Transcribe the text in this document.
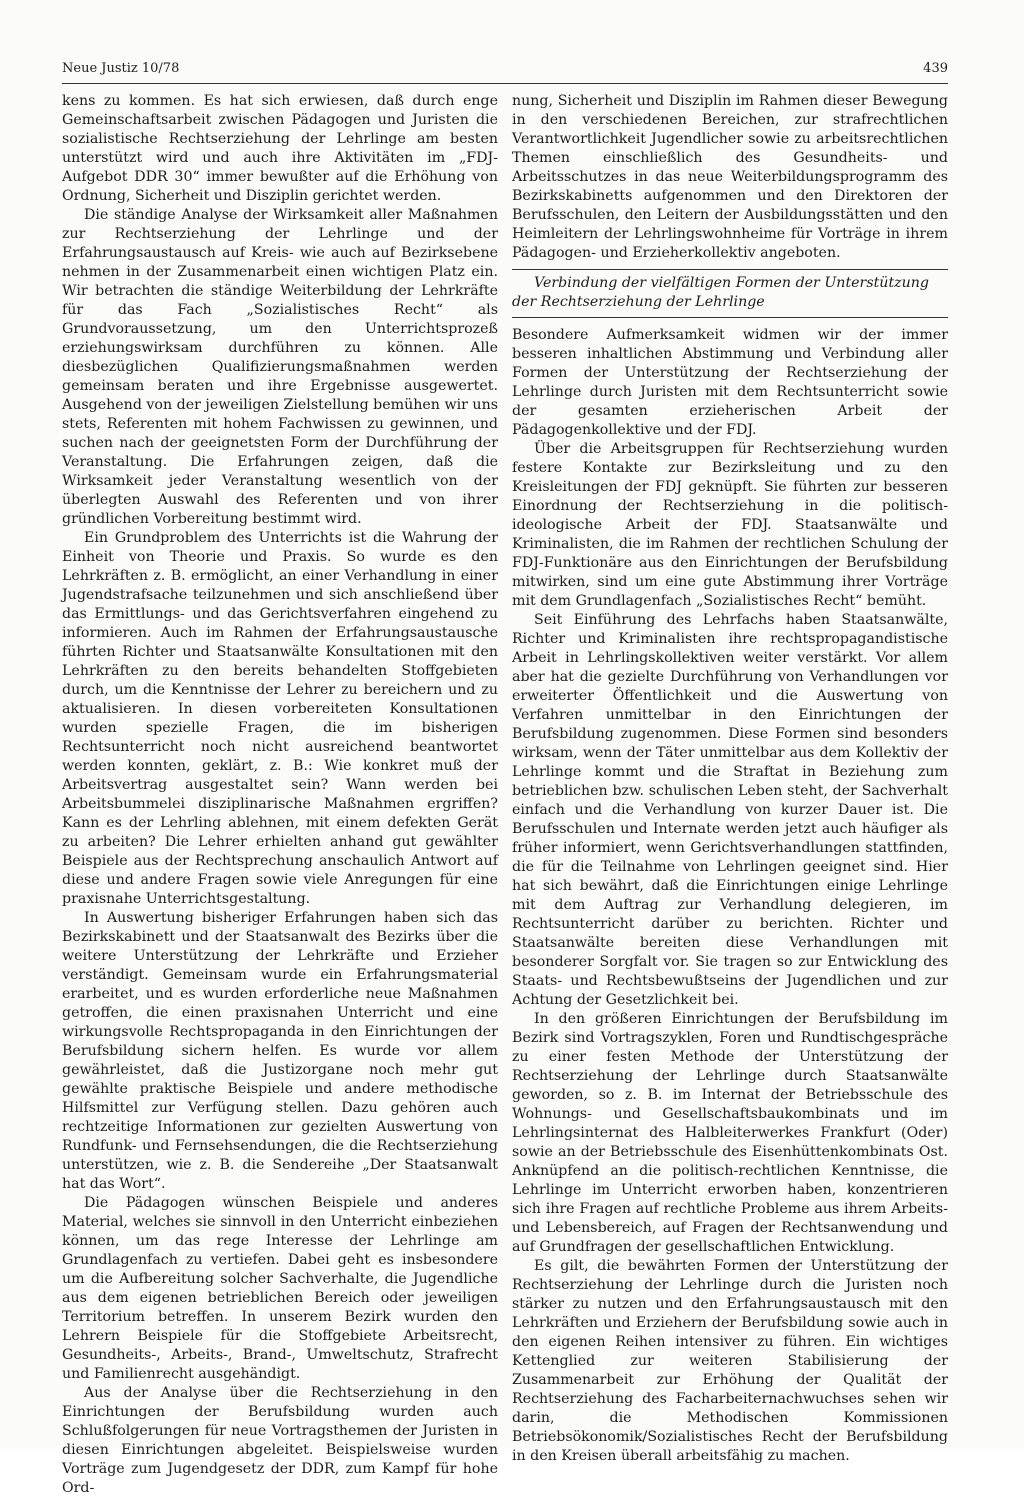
Neue Justiz 10/78	439

kens zu kommen. Es hat sich erwiesen, daß durch enge Gemeinschaftsarbeit zwischen Pädagogen und Juristen die sozialistische Rechtserziehung der Lehrlinge am besten unterstützt wird und auch ihre Aktivitäten im „FDJ-Aufgebot DDR 30“ immer bewußter auf die Erhöhung von Ordnung, Sicherheit und Disziplin gerichtet werden.

Die ständige Analyse der Wirksamkeit aller Maßnahmen zur Rechtserziehung der Lehrlinge und der Erfahrungsaustausch auf Kreis- wie auch auf Bezirksebene nehmen in der Zusammenarbeit einen wichtigen Platz ein. Wir betrachten die ständige Weiterbildung der Lehrkräfte für das Fach „Sozialistisches Recht“ als Grundvoraussetzung, um den Unterrichtsprozeß erziehungswirksam durchführen zu können. Alle diesbezüglichen Qualifizierungsmaßnahmen werden gemeinsam beraten und ihre Ergebnisse ausgewertet. Ausgehend von der jeweiligen Zielstellung bemühen wir uns stets, Referenten mit hohem Fachwissen zu gewinnen, und suchen nach der geeignetsten Form der Durchführung der Veranstaltung. Die Erfahrungen zeigen, daß die Wirksamkeit jeder Veranstaltung wesentlich von der überlegten Auswahl des Referenten und von ihrer gründlichen Vorbereitung bestimmt wird.

Ein Grundproblem des Unterrichts ist die Wahrung der Einheit von Theorie und Praxis. So wurde es den Lehrkräften z. B. ermöglicht, an einer Verhandlung in einer Jugendstrafsache teilzunehmen und sich anschließend über das Ermittlungs- und das Gerichtsverfahren eingehend zu informieren. Auch im Rahmen der Erfahrungsaustausche führten Richter und Staatsanwälte Konsultationen mit den Lehrkräften zu den bereits behandelten Stoffgebieten durch, um die Kenntnisse der Lehrer zu bereichern und zu aktualisieren. In diesen vorbereiteten Konsultationen wurden spezielle Fragen, die im bisherigen Rechtsunterricht noch nicht ausreichend beantwortet werden konnten, geklärt, z. B.: Wie konkret muß der Arbeitsvertrag ausgestaltet sein? Wann werden bei Arbeitsbummelei disziplinarische Maßnahmen ergriffen? Kann es der Lehrling ablehnen, mit einem defekten Gerät zu arbeiten? Die Lehrer erhielten anhand gut gewählter Beispiele aus der Rechtsprechung anschaulich Antwort auf diese und andere Fragen sowie viele Anregungen für eine praxisnahe Unterrichtsgestaltung.

In Auswertung bisheriger Erfahrungen haben sich das Bezirkskabinett und der Staatsanwalt des Bezirks über die weitere Unterstützung der Lehrkräfte und Erzieher verständigt. Gemeinsam wurde ein Erfahrungsmaterial erarbeitet, und es wurden erforderliche neue Maßnahmen getroffen, die einen praxisnahen Unterricht und eine wirkungsvolle Rechtspropaganda in den Einrichtungen der Berufsbildung sichern helfen. Es wurde vor allem gewährleistet, daß die Justizorgane noch mehr gut gewählte praktische Beispiele und andere methodische Hilfsmittel zur Verfügung stellen. Dazu gehören auch rechtzeitige Informationen zur gezielten Auswertung von Rundfunk- und Fernsehsendungen, die die Rechtserziehung unterstützen, wie z. B. die Sendereihe „Der Staatsanwalt hat das Wort“.

Die Pädagogen wünschen Beispiele und anderes Material, welches sie sinnvoll in den Unterricht einbeziehen können, um das rege Interesse der Lehrlinge am Grundlagenfach zu vertiefen. Dabei geht es insbesondere um die Aufbereitung solcher Sachverhalte, die Jugendliche aus dem eigenen betrieblichen Bereich oder jeweiligen Territorium betreffen. In unserem Bezirk wurden den Lehrern Beispiele für die Stoffgebiete Arbeitsrecht, Gesundheits-, Arbeits-, Brand-, Umweltschutz, Strafrecht und Familienrecht ausgehändigt.

Aus der Analyse über die Rechtserziehung in den Einrichtungen der Berufsbildung wurden auch Schlußfolgerungen für neue Vortragsthemen der Juristen in diesen Einrichtungen abgeleitet. Beispielsweise wurden Vorträge zum Jugendgesetz der DDR, zum Kampf für hohe Ord-

nung, Sicherheit und Disziplin im Rahmen dieser Bewegung in den verschiedenen Bereichen, zur strafrechtlichen Verantwortlichkeit Jugendlicher sowie zu arbeitsrechtlichen Themen einschließlich des Gesundheits- und Arbeitsschutzes in das neue Weiterbildungsprogramm des Bezirkskabinetts aufgenommen und den Direktoren der Berufsschulen, den Leitern der Ausbildungsstätten und den Heimleitern der Lehrlingswohnheime für Vorträge in ihrem Pädagogen- und Erzieherkollektiv angeboten.

Verbindung der vielfältigen Formen der Unterstützung der Rechtserziehung der Lehrlinge

Besondere Aufmerksamkeit widmen wir der immer besseren inhaltlichen Abstimmung und Verbindung aller Formen der Unterstützung der Rechtserziehung der Lehrlinge durch Juristen mit dem Rechtsunterricht sowie der gesamten erzieherischen Arbeit der Pädagogenkollektive und der FDJ.

Über die Arbeitsgruppen für Rechtserziehung wurden festere Kontakte zur Bezirksleitung und zu den Kreisleitungen der FDJ geknüpft. Sie führten zur besseren Einordnung der Rechtserziehung in die politisch-ideologische Arbeit der FDJ. Staatsanwälte und Kriminalisten, die im Rahmen der rechtlichen Schulung der FDJ-Funktionäre aus den Einrichtungen der Berufsbildung mitwirken, sind um eine gute Abstimmung ihrer Vorträge mit dem Grundlagenfach „Sozialistisches Recht“ bemüht.

Seit Einführung des Lehrfachs haben Staatsanwälte, Richter und Kriminalisten ihre rechtspropagandistische Arbeit in Lehrlingskollektiven weiter verstärkt. Vor allem aber hat die gezielte Durchführung von Verhandlungen vor erweiterter Öffentlichkeit und die Auswertung von Verfahren unmittelbar in den Einrichtungen der Berufsbildung zugenommen. Diese Formen sind besonders wirksam, wenn der Täter unmittelbar aus dem Kollektiv der Lehrlinge kommt und die Straftat in Beziehung zum betrieblichen bzw. schulischen Leben steht, der Sachverhalt einfach und die Verhandlung von kurzer Dauer ist. Die Berufsschulen und Internate werden jetzt auch häufiger als früher informiert, wenn Gerichtsverhandlungen stattfinden, die für die Teilnahme von Lehrlingen geeignet sind. Hier hat sich bewährt, daß die Einrichtungen einige Lehrlinge mit dem Auftrag zur Verhandlung delegieren, im Rechtsunterricht darüber zu berichten. Richter und Staatsanwälte bereiten diese Verhandlungen mit besonderer Sorgfalt vor. Sie tragen so zur Entwicklung des Staats- und Rechtsbewußtseins der Jugendlichen und zur Achtung der Gesetzlichkeit bei.

In den größeren Einrichtungen der Berufsbildung im Bezirk sind Vortragszyklen, Foren und Rundtischgespräche zu einer festen Methode der Unterstützung der Rechtserziehung der Lehrlinge durch Staatsanwälte geworden, so z. B. im Internat der Betriebsschule des Wohnungs- und Gesellschaftsbaukombinats und im Lehrlingsinternat des Halbleiterwerkes Frankfurt (Oder) sowie an der Betriebsschule des Eisenhüttenkombinats Ost. Anknüpfend an die politisch-rechtlichen Kenntnisse, die Lehrlinge im Unterricht erworben haben, konzentrieren sich ihre Fragen auf rechtliche Probleme aus ihrem Arbeits- und Lebensbereich, auf Fragen der Rechtsanwendung und auf Grundfragen der gesellschaftlichen Entwicklung.

Es gilt, die bewährten Formen der Unterstützung der Rechtserziehung der Lehrlinge durch die Juristen noch stärker zu nutzen und den Erfahrungsaustausch mit den Lehrkräften und Erziehern der Berufsbildung sowie auch in den eigenen Reihen intensiver zu führen. Ein wichtiges Kettenglied zur weiteren Stabilisierung der Zusammenarbeit zur Erhöhung der Qualität der Rechtserziehung des Facharbeiternachwuchses sehen wir darin, die Methodischen Kommissionen Betriebsökonomik/Sozialistisches Recht der Berufsbildung in den Kreisen überall arbeitsfähig zu machen.
